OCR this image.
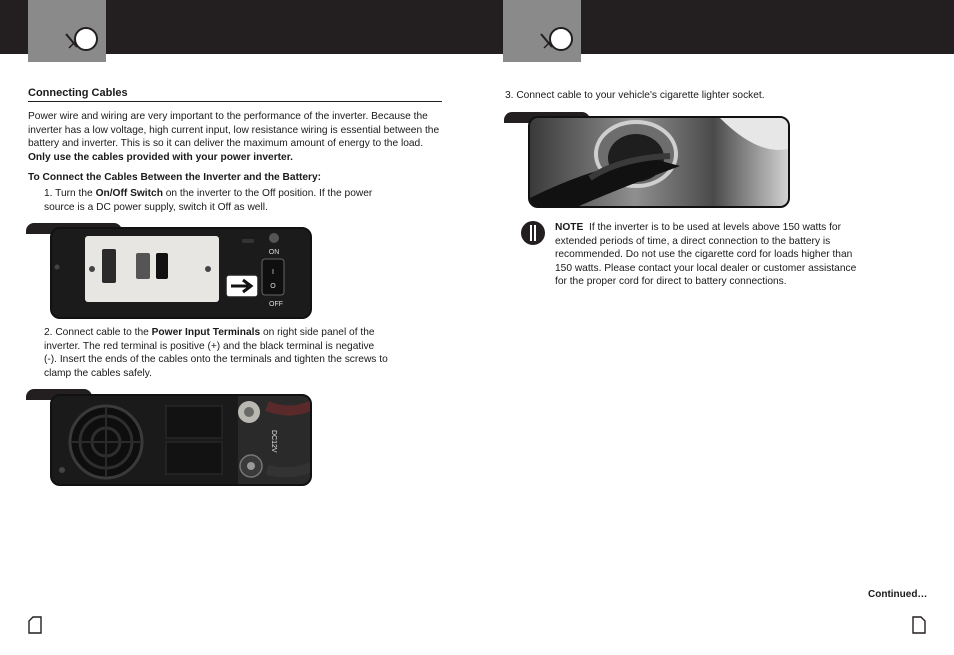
Connecting Cables
Power wire and wiring are very important to the performance of the inverter. Because the inverter has a low voltage, high current input, low resistance wiring is essential between the battery and inverter. This is so it can deliver the maximum amount of energy to the load. Only use the cables provided with your power inverter.
To Connect the Cables Between the Inverter and the Battery:
1. Turn the On/Off Switch on the inverter to the Off position. If the power source is a DC power supply, switch it Off as well.
I
O
ON
OFF
2. Connect cable to the Power Input Terminals on right side panel of the inverter. The red terminal is positive (+) and the black terminal is negative (-). Insert the ends of the cables onto the terminals and tighten the screws to clamp the cables safely.
DC12V
3. Connect cable to your vehicle's cigarette lighter socket.
NOTE If the inverter is to be used at levels above 150 watts for extended periods of time, a direct connection to the battery is recommended. Do not use the cigarette cord for loads higher than 150 watts. Please contact your local dealer or customer assistance for the proper cord for direct to battery connections.
Continued…
